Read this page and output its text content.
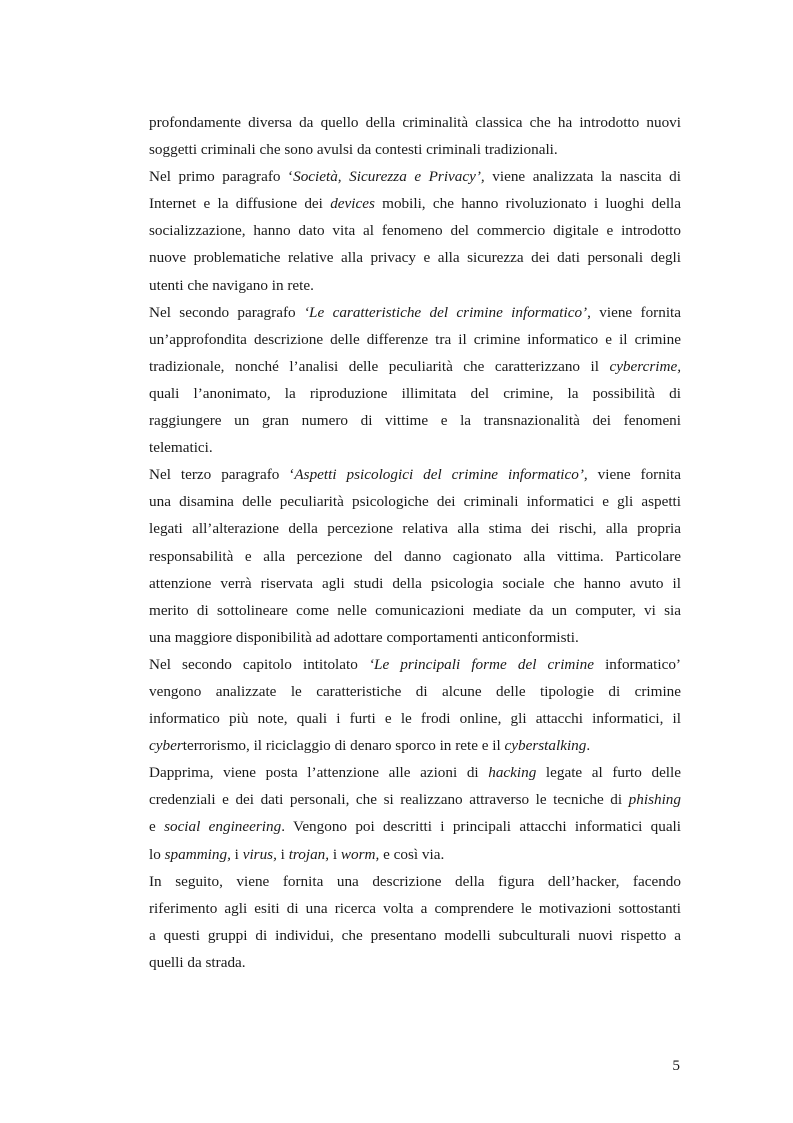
profondamente diversa da quello della criminalità classica che ha introdotto nuovi
soggetti criminali che sono avulsi da contesti criminali tradizionali.
Nel primo paragrafo ‘Società, Sicurezza e Privacy’, viene analizzata la nascita di
Internet e la diffusione dei devices mobili, che hanno rivoluzionato i luoghi della
socializzazione, hanno dato vita al fenomeno del commercio digitale e introdotto
nuove problematiche relative alla privacy e alla sicurezza dei dati personali degli
utenti che navigano in rete.
Nel secondo paragrafo ‘Le caratteristiche del crimine informatico’, viene fornita
un’approfondita descrizione delle differenze tra il crimine informatico e il crimine
tradizionale, nonché l’analisi delle peculiarità che caratterizzano il cybercrime,
quali l’anonimato, la riproduzione illimitata del crimine, la possibilità di
raggiungere un gran numero di vittime e la transnazionalità dei fenomeni
telematici.
Nel terzo paragrafo ‘Aspetti psicologici del crimine informatico’, viene fornita
una disamina delle peculiarità psicologiche dei criminali informatici e gli aspetti
legati all’alterazione della percezione relativa alla stima dei rischi, alla propria
responsabilità e alla percezione del danno cagionato alla vittima. Particolare
attenzione verrà riservata agli studi della psicologia sociale che hanno avuto il
merito di sottolineare come nelle comunicazioni mediate da un computer, vi sia
una maggiore disponibilità ad adottare comportamenti anticonformisti.
Nel secondo capitolo intitolato ‘Le principali forme del crimine informatico’
vengono analizzate le caratteristiche di alcune delle tipologie di crimine
informatico più note, quali i furti e le frodi online, gli attacchi informatici, il
cyberterrorismo, il riciclaggio di denaro sporco in rete e il cyberstalking.
Dapprima, viene posta l’attenzione alle azioni di hacking legate al furto delle
credenziali e dei dati personali, che si realizzano attraverso le tecniche di phishing
e social engineering. Vengono poi descritti i principali attacchi informatici quali
lo spamming, i virus, i trojan, i worm, e così via.
In seguito, viene fornita una descrizione della figura dell’hacker, facendo
riferimento agli esiti di una ricerca volta a comprendere le motivazioni sottostanti
a questi gruppi di individui, che presentano modelli subculturali nuovi rispetto a
quelli da strada.
5
